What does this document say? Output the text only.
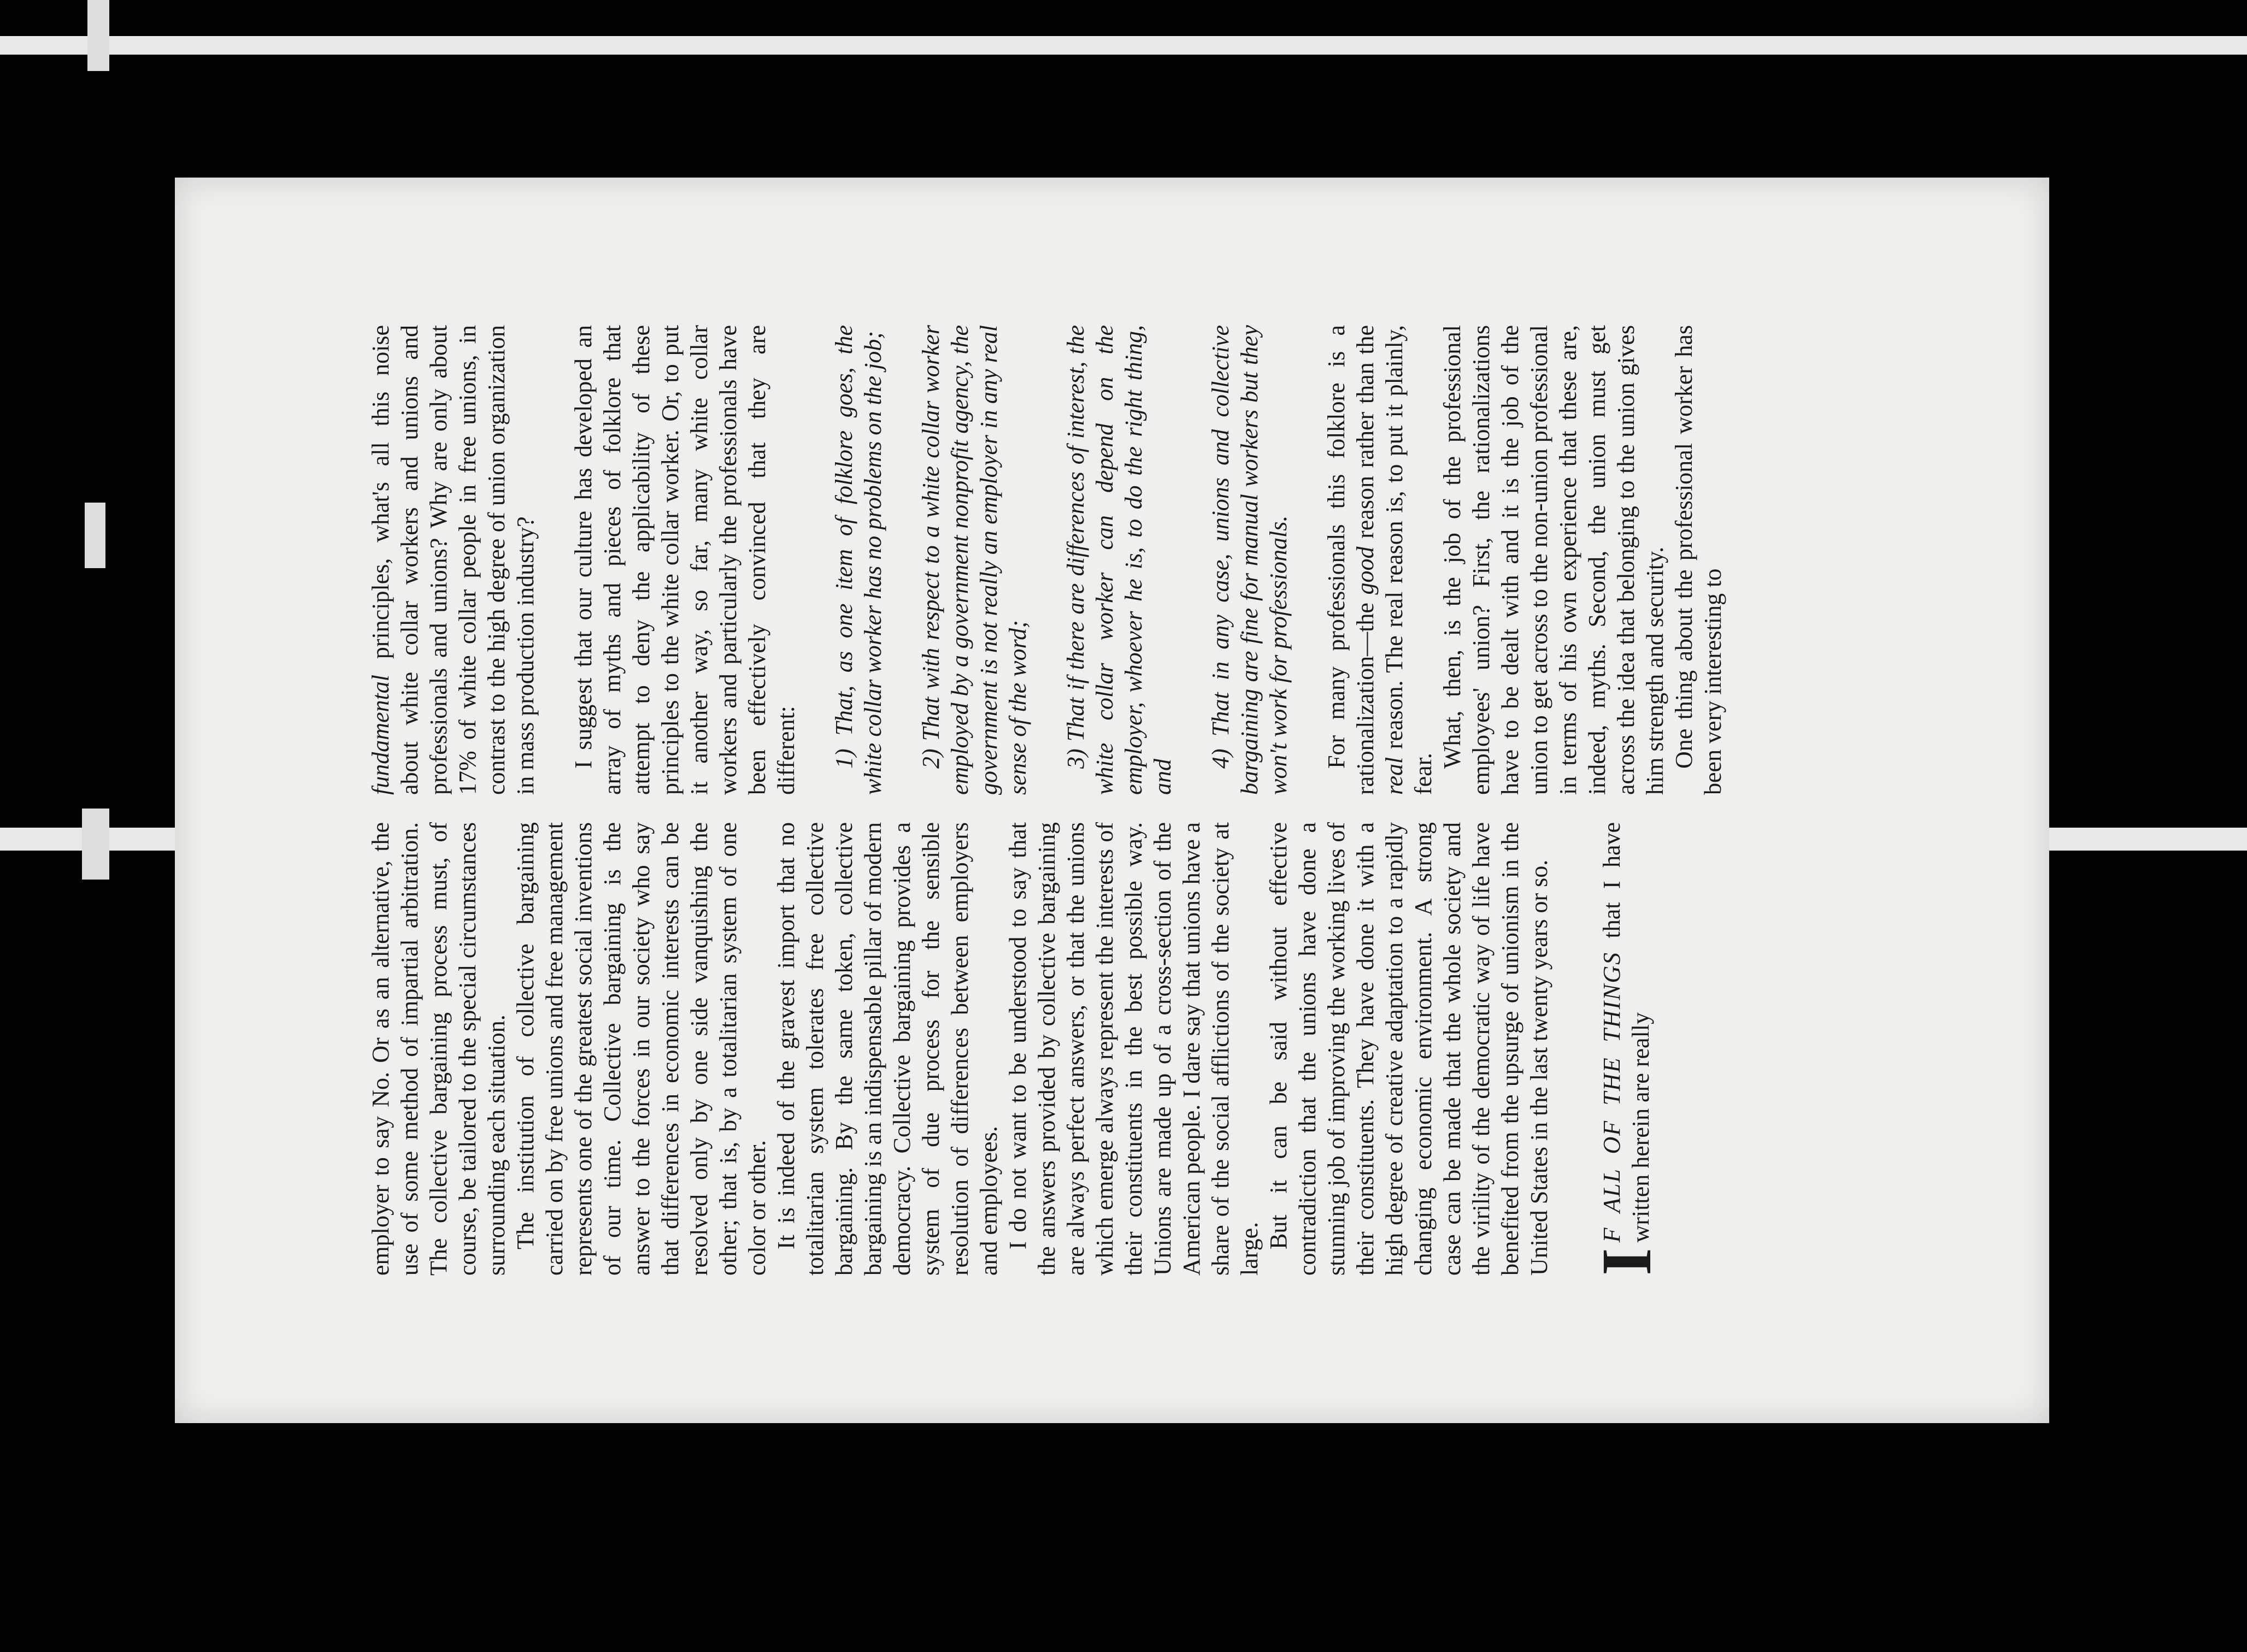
employer to say No. Or as an alternative, the use of some method of impartial arbitration. The collective bargaining process must, of course, be tailored to the special circumstances surrounding each situation. The institution of collective bargaining carried on by free unions and free management represents one of the greatest social inventions of our time. Collective bargaining is the answer to the forces in our society who say that differences in economic interests can be resolved only by one side vanquishing the other; that is, by a totalitarian system of one color or other. It is indeed of the gravest import that no totalitarian system tolerates free collective bargaining. By the same token, collective bargaining is an indispensable pillar of modern democracy. Collective bargaining provides a system of due process for the sensible resolution of differences between employers and employees. I do not want to be understood to say that the answers provided by collective bargaining are always perfect answers, or that the unions which emerge always represent the interests of their constituents in the best possible way. Unions are made up of a cross-section of the American people. I dare say that unions have a share of the social afflictions of the society at large. But it can be said without effective contradiction that the unions have done a stunning job of improving the working lives of their constituents. They have done it with a high degree of creative adaptation to a rapidly changing economic environment. A strong case can be made that the whole society and the virility of the democratic way of life have benefited from the upsurge of unionism in the United States in the last twenty years or so. I
F ALL OF THE THINGS that I have written herein are really

fundamental principles, what's all this noise about white collar workers and unions and professionals and unions? Why are only about 17% of white collar people in free unions, in contrast to the high degree of union organization in mass production industry? I suggest that our culture has developed an array of myths and pieces of folklore that attempt to deny the applicability of these principles to the white collar worker. Or, to put it another way, so far, many white collar workers and particularly the professionals have been effectively convinced that they are different: 1) That, as one item of folklore goes, the white collar worker has no problems on the job; 2) That with respect to a white collar worker employed by a government nonprofit agency, the government is not really an employer in any real sense of the word; 3) That if there are differences of interest, the white collar worker can depend on the employer, whoever he is, to do the right thing, and

4) That in any case, unions and collective bargaining are fine for manual workers but they won't work for professionals. For many professionals this folklore is a rationalization—the good reason rather than the real reason. The real reason is, to put it plainly, fear.

What, then, is the job of the professional employees' union? First, the rationalizations have to be dealt with and it is the job of the union to get across to the non-union professional in terms of his own experience that these are, indeed, myths. Second, the union must get across the idea that belonging to the union gives him strength and security. One thing about the professional worker has been very interesting to
